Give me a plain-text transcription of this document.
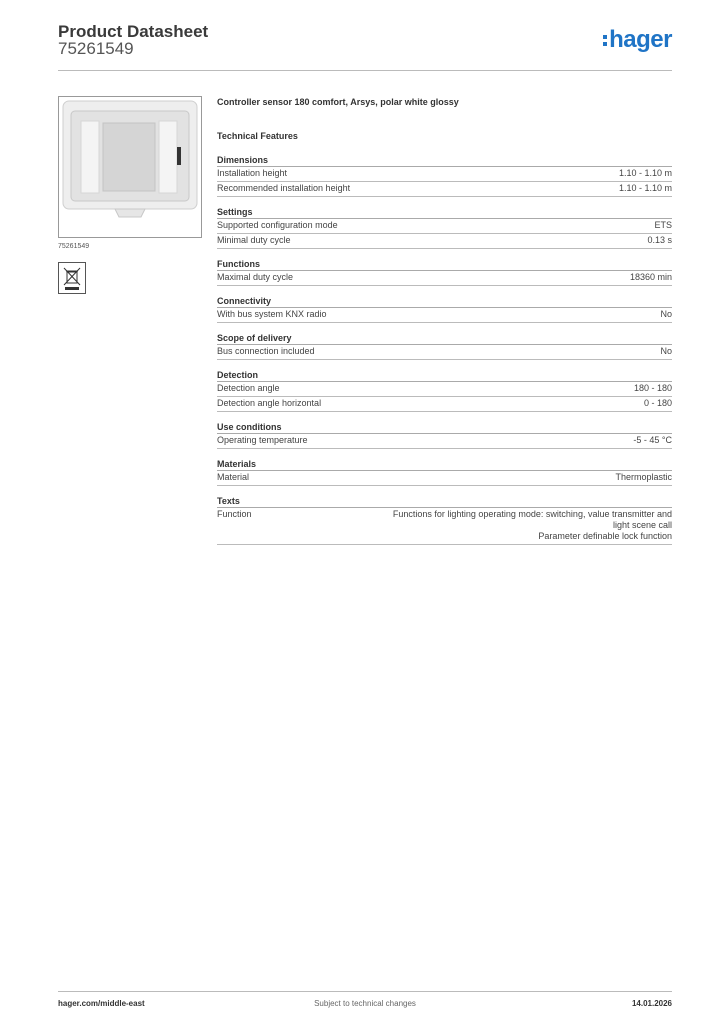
Product Datasheet
75261549	hager
75261549
Controller sensor 180 comfort, Arsys, polar white glossy
Technical Features
Dimensions
Installation height	1.10 - 1.10 m
Recommended installation height	1.10 - 1.10 m
Settings
Supported configuration mode	ETS
Minimal duty cycle	0.13 s
Functions
Maximal duty cycle	18360 min
Connectivity
With bus system KNX radio	No
Scope of delivery
Bus connection included	No
Detection
Detection angle	180 - 180
Detection angle horizontal	0 - 180
Use conditions
Operating temperature	-5 - 45 °C
Materials
Material	Thermoplastic
Texts
Function	Functions for lighting operating mode: switching, value transmitter and
light scene call
Parameter definable lock function
hager.com/middle-east	Subject to technical changes	14.01.2026
